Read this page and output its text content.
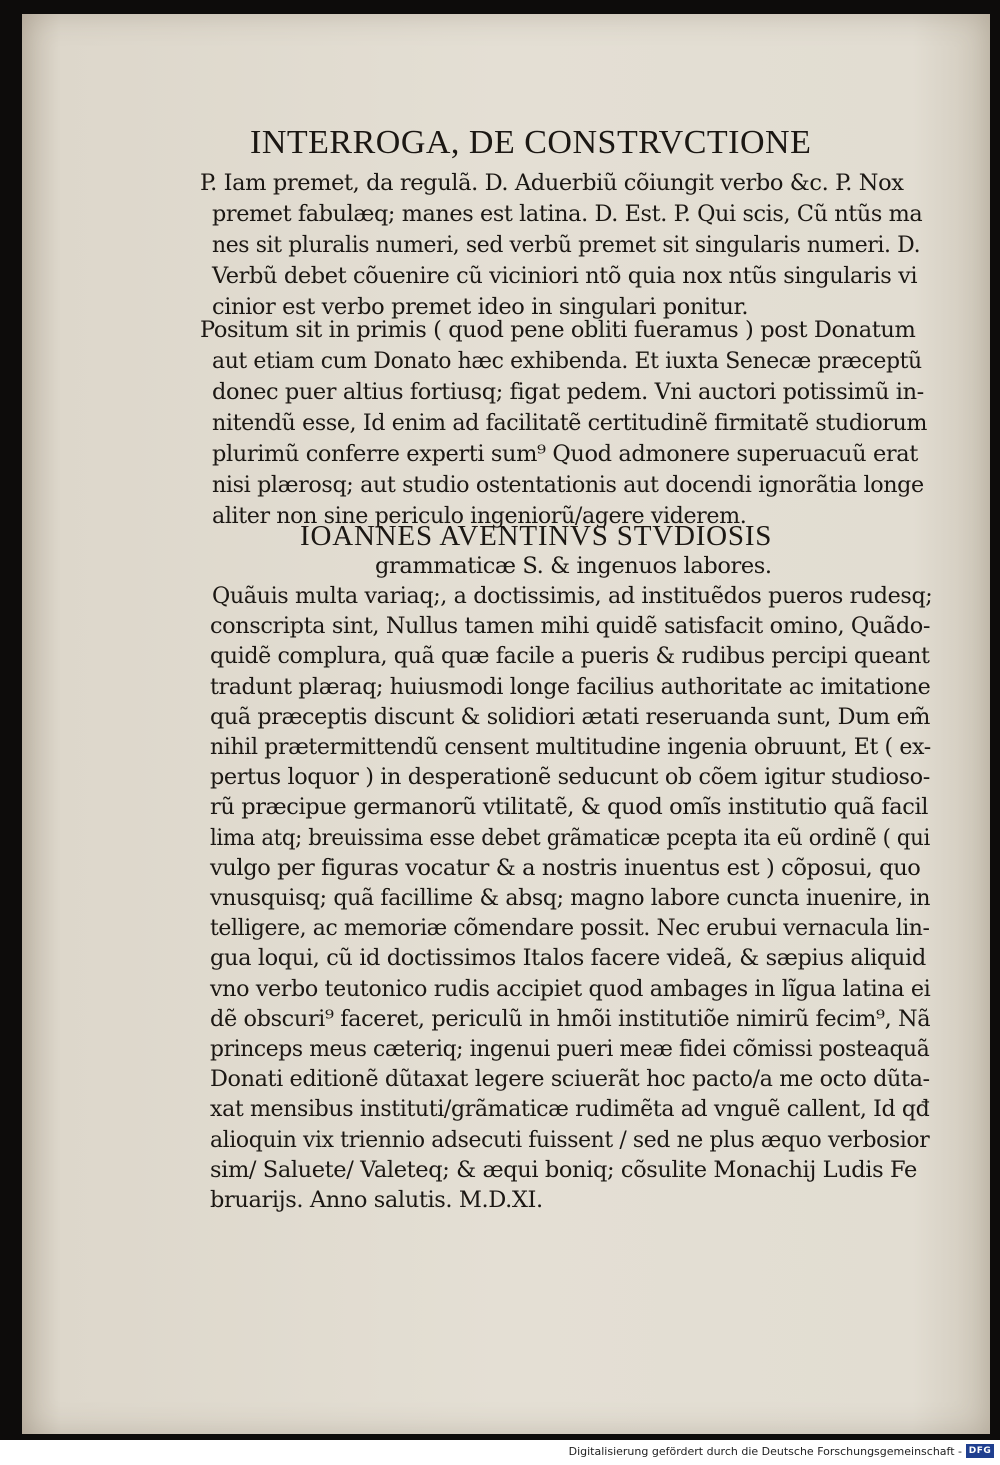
INTERROGA, DE CONSTRVCTIONE
P. Iam premet, da regulã. D. Aduerbiũ cõiungit verbo &c. P. Nox
premet fabulæq; manes est latina. D. Est. P. Qui scis, Cũ ntũs ma
nes sit pluralis numeri, sed verbũ premet sit singularis numeri. D.
Verbũ debet cõuenire cũ viciniori ntõ quia nox ntũs singularis vi
cinior est verbo premet ideo in singulari ponitur.
Positum sit in primis ( quod pene obliti fueramus ) post Donatum
aut etiam cum Donato hæc exhibenda. Et iuxta Senecæ præceptũ
donec puer altius fortiusq; figat pedem. Vni auctori potissimũ in-
nitendũ esse, Id enim ad facilitatẽ certitudinẽ firmitatẽ studiorum
plurimũ conferre experti sum⁹ Quod admonere superuacuũ erat
nisi plærosq; aut studio ostentationis aut docendi ignorãtia longe
aliter non sine periculo ingeniorũ/agere viderem.
IOANNES AVENTINVS STVDIOSIS
grammaticæ S. & ingenuos labores.
Quãuis multa variaq;, a doctissimis, ad instituẽdos pueros rudesq;
conscripta sint, Nullus tamen mihi quidẽ satisfacit omino, Quãdo-
quidẽ complura, quã quæ facile a pueris & rudibus percipi queant
tradunt plæraq; huiusmodi longe facilius authoritate ac imitatione
quã præceptis discunt & solidiori ætati reseruanda sunt, Dum em̃
nihil prætermittendũ censent multitudine ingenia obruunt, Et ( ex-
pertus loquor ) in desperationẽ seducunt ob cõem igitur studioso-
rũ præcipue germanorũ vtilitatẽ, & quod omĩs institutio quã facil
lima atq; breuissima esse debet grãmaticæ pcepta ita eũ ordinẽ ( qui
vulgo per figuras vocatur & a nostris inuentus est ) cõposui, quo
vnusquisq; quã facillime & absq; magno labore cuncta inuenire, in
telligere, ac memoriæ cõmendare possit. Nec erubui vernacula lin-
gua loqui, cũ id doctissimos Italos facere videã, & sæpius aliquid
vno verbo teutonico rudis accipiet quod ambages in lĩgua latina ei
dẽ obscuri⁹ faceret, periculũ in hmõi institutiõe nimirũ fecim⁹, Nã
princeps meus cæteriq; ingenui pueri meæ fidei cõmissi posteaquã
Donati editionẽ dũtaxat legere sciuerãt hoc pacto/a me octo dũta-
xat mensibus instituti/grãmaticæ rudimẽta ad vnguẽ callent, Id qđ
alioquin vix triennio adsecuti fuissent / sed ne plus æquo verbosior
sim/ Saluete/ Valeteq; & æqui boniq; cõsulite Monachij Ludis Fe
bruarijs. Anno salutis. M.D.XI.
Digitalisierung gefördert durch die Deutsche Forschungsgemeinschaft - DFG
